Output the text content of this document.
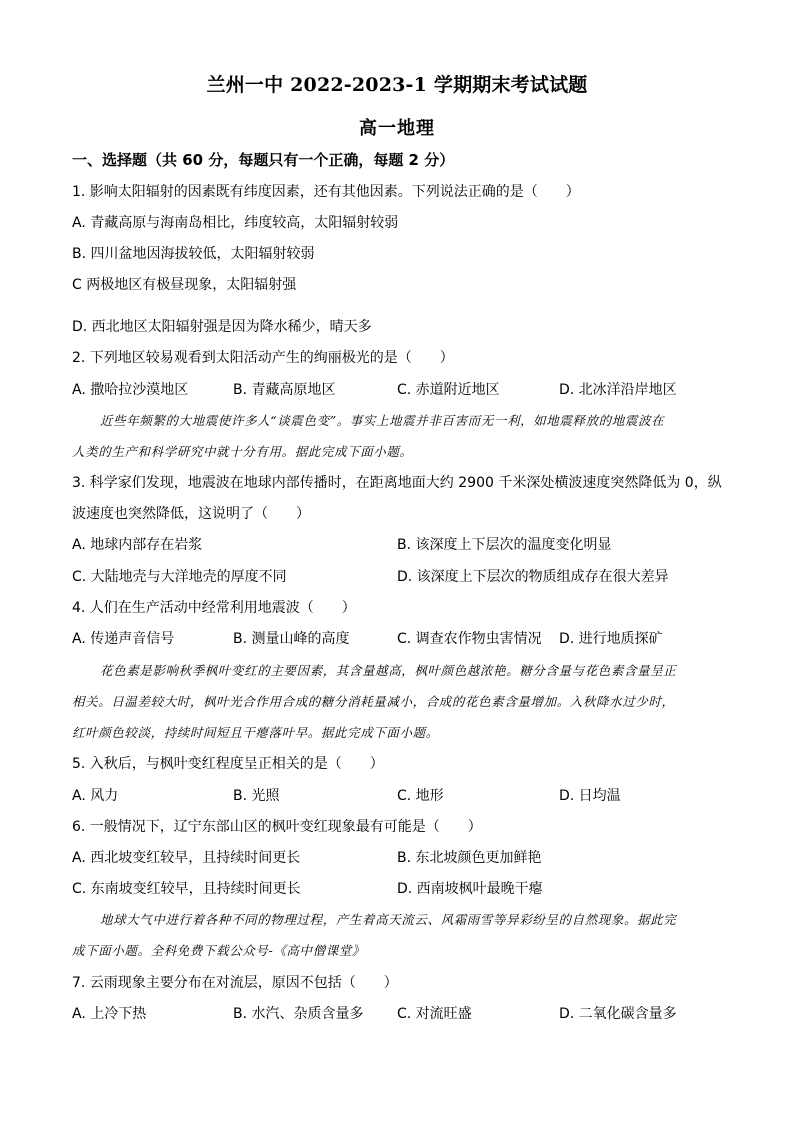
兰州一中 2022-2023-1 学期期末考试试题
高一地理
一、选择题（共 60 分，每题只有一个正确，每题 2 分）
1. 影响太阳辐射的因素既有纬度因素，还有其他因素。下列说法正确的是（　　）
A. 青藏高原与海南岛相比，纬度较高，太阳辐射较弱
B. 四川盆地因海拔较低，太阳辐射较弱
C 两极地区有极昼现象，太阳辐射强
D. 西北地区太阳辐射强是因为降水稀少，晴天多
2. 下列地区较易观看到太阳活动产生的绚丽极光的是（　　）
A. 撒哈拉沙漠地区	B. 青藏高原地区	C. 赤道附近地区	D. 北冰洋沿岸地区
近些年频繁的大地震使许多人“谈震色变”。事实上地震并非百害而无一利，如地震释放的地震波在
人类的生产和科学研究中就十分有用。据此完成下面小题。
3. 科学家们发现，地震波在地球内部传播时，在距离地面大约 2900 千米深处横波速度突然降低为 0，纵
波速度也突然降低，这说明了（　　）
A. 地球内部存在岩浆	B. 该深度上下层次的温度变化明显
C. 大陆地壳与大洋地壳的厚度不同	D. 该深度上下层次的物质组成存在很大差异
4. 人们在生产活动中经常利用地震波（　　）
A. 传递声音信号	B. 测量山峰的高度	C. 调查农作物虫害情况 D. 进行地质探矿
花色素是影响秋季枫叶变红的主要因素，其含量越高，枫叶颜色越浓艳。糖分含量与花色素含量呈正
相关。日温差较大时，枫叶光合作用合成的糖分消耗量减小，合成的花色素含量增加。入秋降水过少时，
红叶颜色较淡，持续时间短且干瘪落叶早。据此完成下面小题。
5. 入秋后，与枫叶变红程度呈正相关的是（　　）
A. 风力	B. 光照	C. 地形	D. 日均温
6. 一般情况下，辽宁东部山区的枫叶变红现象最有可能是（　　）
A. 西北坡变红较早，且持续时间更长	B. 东北坡颜色更加鲜艳
C. 东南坡变红较早，且持续时间更长	D. 西南坡枫叶最晚干瘪
地球大气中进行着各种不同的物理过程，产生着高天流云、风霜雨雪等异彩纷呈的自然现象。据此完
成下面小题。全科免费下载公众号-《高中僧课堂》
7. 云雨现象主要分布在对流层，原因不包括（　　）
A. 上冷下热	B. 水汽、杂质含量多 C. 对流旺盛	D. 二氧化碳含量多
